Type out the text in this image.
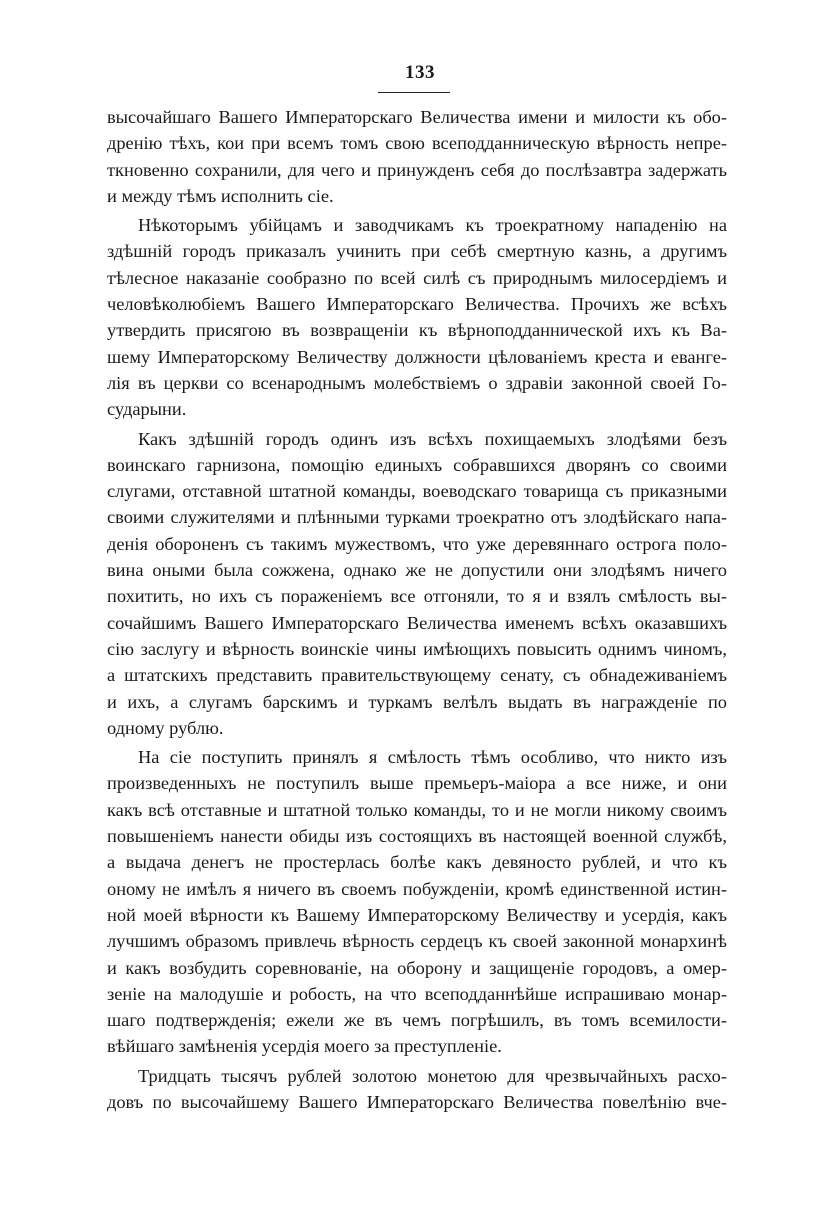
133
высочайшаго Вашего Императорскаго Величества имени и милости къ обо-
дренію тѣхъ, кои при всемъ томъ свою всеподданническую вѣрность непре-
ткновенно сохранили, для чего и принужденъ себя до послѣзавтра задержать
и между тѣмъ исполнить сіе.
Нѣкоторымъ убійцамъ и заводчикамъ къ троекратному нападенію на
здѣшній городъ приказалъ учинить при себѣ смертную казнь, а другимъ
тѣлесное наказаніе сообразно по всей силѣ съ природнымъ милосердіемъ и
человѣколюбіемъ Вашего Императорскаго Величества. Прочихъ же всѣхъ
утвердить присягою въ возвращеніи къ вѣрноподданнической ихъ къ Ва-
шему Императорскому Величеству должности цѣлованіемъ креста и еванге-
лія въ церкви со всенароднымъ молебствіемъ о здравіи законной своей Го-
сударыни.
Какъ здѣшній городъ одинъ изъ всѣхъ похищаемыхъ злодѣями безъ
воинскаго гарнизона, помощію единыхъ собравшихся дворянъ со своими
слугами, отставной штатной команды, воеводскаго товарища съ приказными
своими служителями и плѣнными турками троекратно отъ злодѣйскаго напа-
денія обороненъ съ такимъ мужествомъ, что уже деревяннаго острога поло-
вина оными была сожжена, однако же не допустили они злодѣямъ ничего
похитить, но ихъ съ пораженіемъ все отгоняли, то я и взялъ смѣлость вы-
сочайшимъ Вашего Императорскаго Величества именемъ всѣхъ оказавшихъ
сію заслугу и вѣрность воинскіе чины имѣющихъ повысить однимъ чиномъ,
а штатскихъ представить правительствующему сенату, съ обнадеживаніемъ
и ихъ, а слугамъ барскимъ и туркамъ велѣлъ выдать въ награжденіе по
одному рублю.
На сіе поступить принялъ я смѣлость тѣмъ особливо, что никто изъ
произведенныхъ не поступилъ выше премьеръ-маіора а все ниже, и они
какъ всѣ отставные и штатной только команды, то и не могли никому своимъ
повышеніемъ нанести обиды изъ состоящихъ въ настоящей военной службѣ,
а выдача денегъ не простерлась болѣе какъ девяносто рублей, и что къ
оному не имѣлъ я ничего въ своемъ побужденіи, кромѣ единственной истин-
ной моей вѣрности къ Вашему Императорскому Величеству и усердія, какъ
лучшимъ образомъ привлечь вѣрность сердецъ къ своей законной монархинѣ
и какъ возбудить соревнованіе, на оборону и защищеніе городовъ, а омер-
зеніе на малодушіе и робость, на что всеподданнѣйше испрашиваю монар-
шаго подтвержденія; ежели же въ чемъ погрѣшилъ, въ томъ всемилости-
вѣйшаго замѣненія усердія моего за преступленіе.
Тридцать тысячъ рублей золотою монетою для чрезвычайныхъ расхо-
довъ по высочайшему Вашего Императорскаго Величества повелѣнію вче-
